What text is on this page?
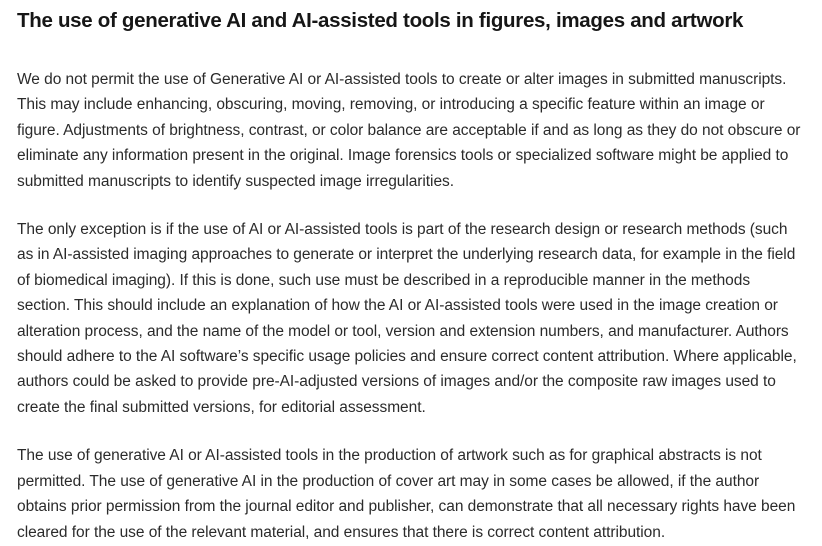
The use of generative AI and AI-assisted tools in figures, images and artwork

We do not permit the use of Generative AI or AI-assisted tools to create or alter images in submitted manuscripts. This may include enhancing, obscuring, moving, removing, or introducing a specific feature within an image or figure. Adjustments of brightness, contrast, or color balance are acceptable if and as long as they do not obscure or eliminate any information present in the original. Image forensics tools or specialized software might be applied to submitted manuscripts to identify suspected image irregularities.

The only exception is if the use of AI or AI-assisted tools is part of the research design or research methods (such as in AI-assisted imaging approaches to generate or interpret the underlying research data, for example in the field of biomedical imaging). If this is done, such use must be described in a reproducible manner in the methods section. This should include an explanation of how the AI or AI-assisted tools were used in the image creation or alteration process, and the name of the model or tool, version and extension numbers, and manufacturer. Authors should adhere to the AI software’s specific usage policies and ensure correct content attribution. Where applicable, authors could be asked to provide pre-AI-adjusted versions of images and/or the composite raw images used to create the final submitted versions, for editorial assessment.

The use of generative AI or AI-assisted tools in the production of artwork such as for graphical abstracts is not permitted. The use of generative AI in the production of cover art may in some cases be allowed, if the author obtains prior permission from the journal editor and publisher, can demonstrate that all necessary rights have been cleared for the use of the relevant material, and ensures that there is correct content attribution.
